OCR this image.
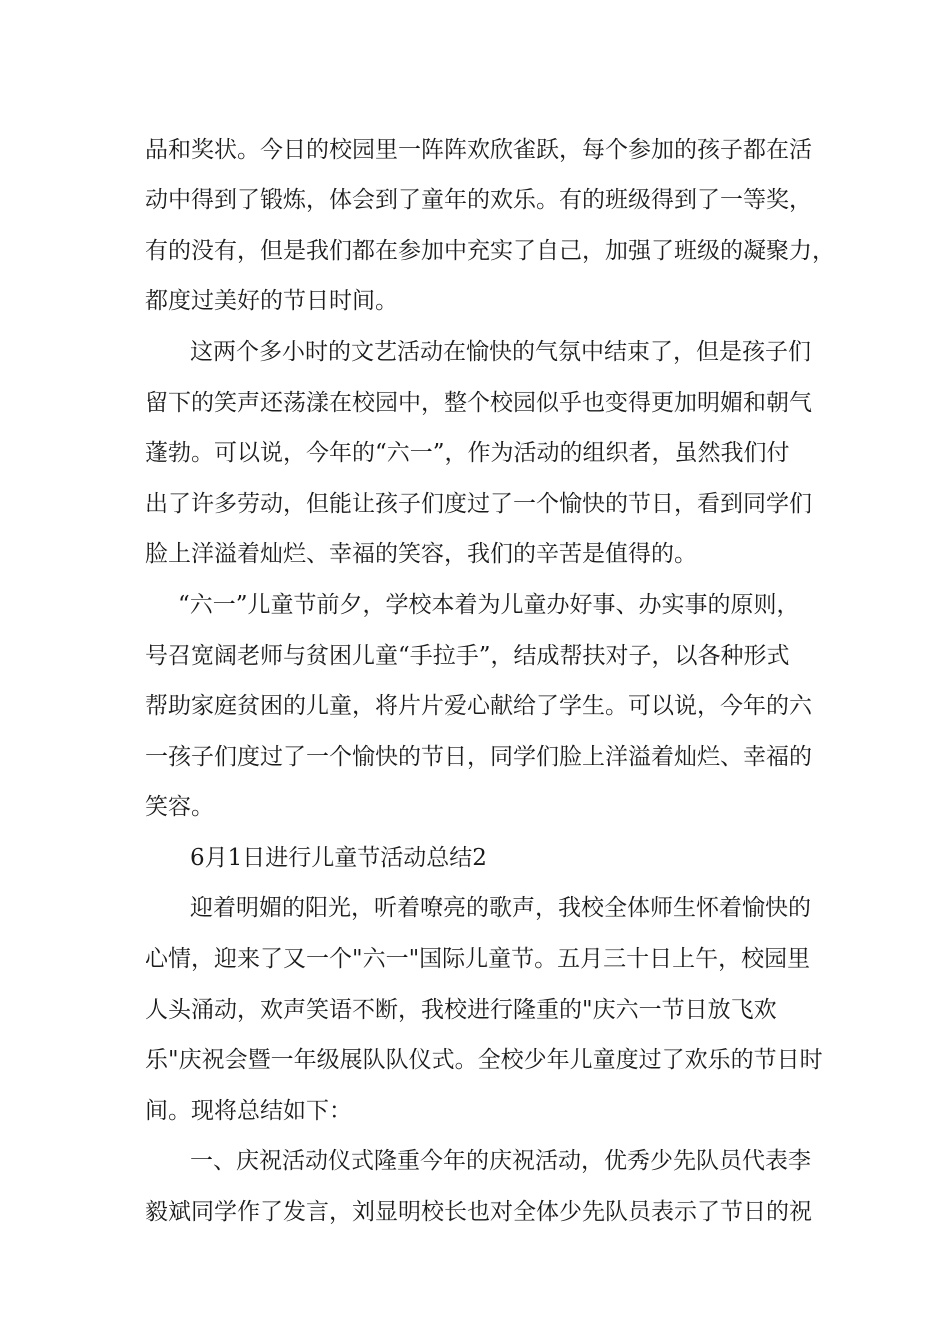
品和奖状。今日的校园里一阵阵欢欣雀跃，每个参加的孩子都在活
动中得到了锻炼，体会到了童年的欢乐。有的班级得到了一等奖，
有的没有，但是我们都在参加中充实了自己，加强了班级的凝聚力，
都度过美好的节日时间。
这两个多小时的文艺活动在愉快的气氛中结束了，但是孩子们
留下的笑声还荡漾在校园中，整个校园似乎也变得更加明媚和朝气
蓬勃。可以说，今年的“六一”，作为活动的组织者，虽然我们付
出了许多劳动，但能让孩子们度过了一个愉快的节日，看到同学们
脸上洋溢着灿烂、幸福的笑容，我们的辛苦是值得的。
“六一”儿童节前夕，学校本着为儿童办好事、办实事的原则，
号召宽阔老师与贫困儿童“手拉手”，结成帮扶对子，以各种形式
帮助家庭贫困的儿童，将片片爱心献给了学生。可以说，今年的六
一孩子们度过了一个愉快的节日，同学们脸上洋溢着灿烂、幸福的
笑容。
6月1日进行儿童节活动总结2
迎着明媚的阳光，听着嘹亮的歌声，我校全体师生怀着愉快的
心情，迎来了又一个"六一"国际儿童节。五月三十日上午，校园里
人头涌动，欢声笑语不断，我校进行隆重的"庆六一节日放飞欢
乐"庆祝会暨一年级展队队仪式。全校少年儿童度过了欢乐的节日时
间。现将总结如下：
一、庆祝活动仪式隆重今年的庆祝活动，优秀少先队员代表李
毅斌同学作了发言，刘显明校长也对全体少先队员表示了节日的祝
